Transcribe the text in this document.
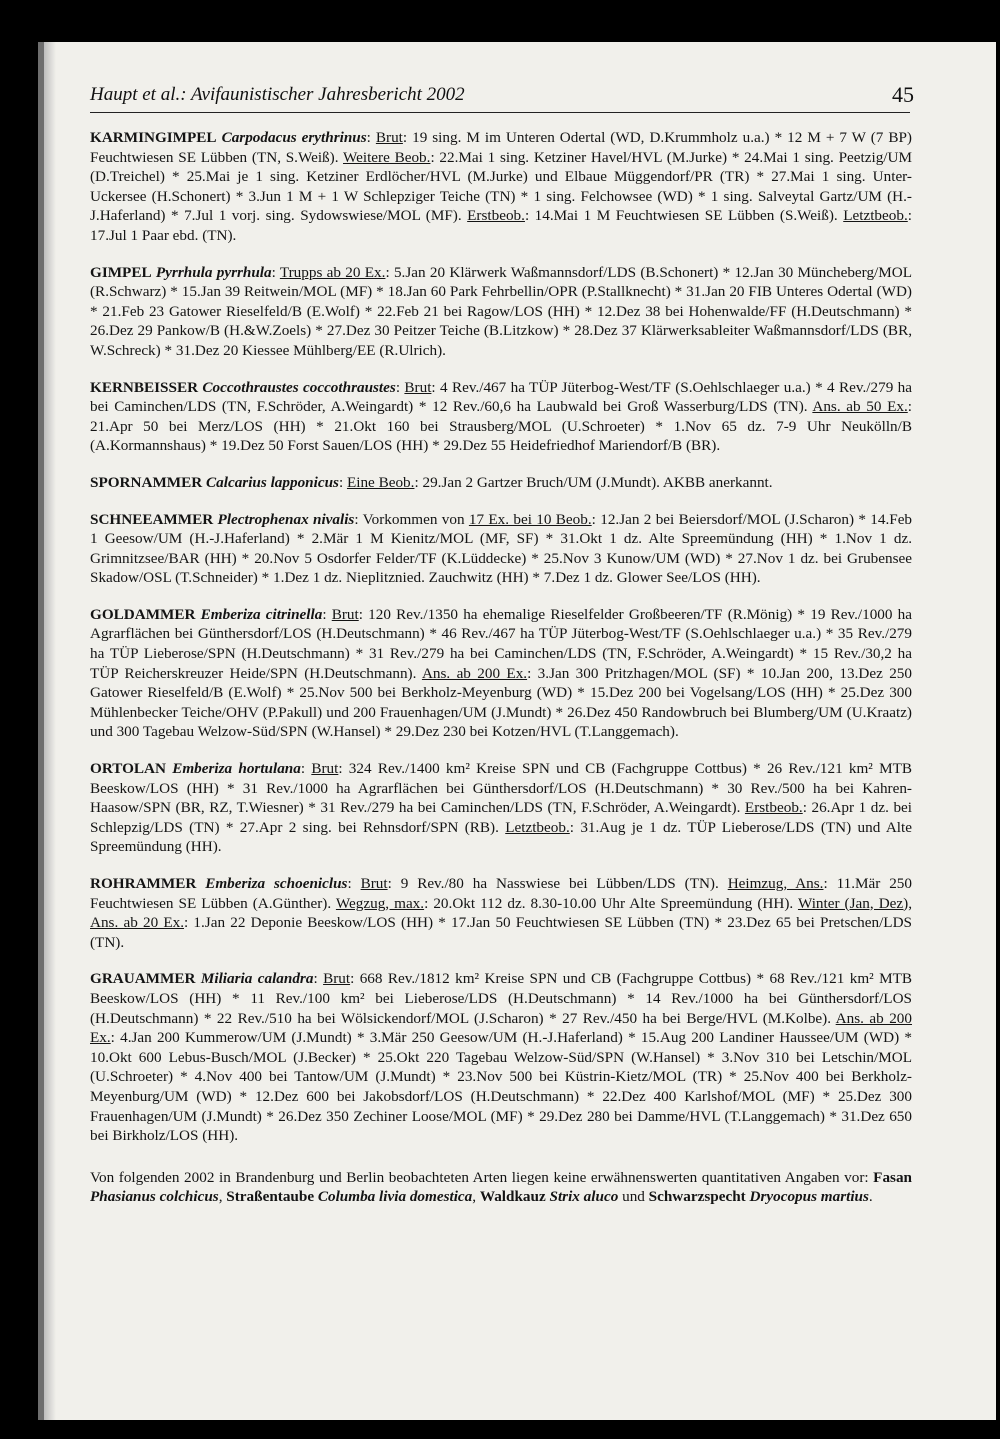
Haupt et al.: Avifaunistischer Jahresbericht 2002	45

KARMINGIMPEL Carpodacus erythrinus: Brut: 19 sing. M im Unteren Odertal (WD, D.Krummholz u.a.) * 12 M + 7 W (7 BP) Feuchtwiesen SE Lübben (TN, S.Weiß). Weitere Beob.: 22.Mai 1 sing. Ketziner Havel/HVL (M.Jurke) * 24.Mai 1 sing. Peetzig/UM (D.Treichel) * 25.Mai je 1 sing. Ketziner Erdlöcher/HVL (M.Jurke) und Elbaue Müggendorf/PR (TR) * 27.Mai 1 sing. Unter-Uckersee (H.Schonert) * 3.Jun 1 M + 1 W Schlepziger Teiche (TN) * 1 sing. Felchowsee (WD) * 1 sing. Salveytal Gartz/UM (H.-J.Haferland) * 7.Jul 1 vorj. sing. Sydowswiese/MOL (MF). Erstbeob.: 14.Mai 1 M Feuchtwiesen SE Lübben (S.Weiß). Letztbeob.: 17.Jul 1 Paar ebd. (TN).

GIMPEL Pyrrhula pyrrhula: Trupps ab 20 Ex.: 5.Jan 20 Klärwerk Waßmannsdorf/LDS (B.Schonert) * 12.Jan 30 Müncheberg/MOL (R.Schwarz) * 15.Jan 39 Reitwein/MOL (MF) * 18.Jan 60 Park Fehrbellin/OPR (P.Stallknecht) * 31.Jan 20 FIB Unteres Odertal (WD) * 21.Feb 23 Gatower Rieselfeld/B (E.Wolf) * 22.Feb 21 bei Ragow/LOS (HH) * 12.Dez 38 bei Hohenwalde/FF (H.Deutschmann) * 26.Dez 29 Pankow/B (H.&W.Zoels) * 27.Dez 30 Peitzer Teiche (B.Litzkow) * 28.Dez 37 Klärwerksableiter Waßmannsdorf/LDS (BR, W.Schreck) * 31.Dez 20 Kiessee Mühlberg/EE (R.Ulrich).

KERNBEISSER Coccothraustes coccothraustes: Brut: 4 Rev./467 ha TÜP Jüterbog-West/TF (S.Oehlschlaeger u.a.) * 4 Rev./279 ha bei Caminchen/LDS (TN, F.Schröder, A.Weingardt) * 12 Rev./60,6 ha Laubwald bei Groß Wasserburg/LDS (TN). Ans. ab 50 Ex.: 21.Apr 50 bei Merz/LOS (HH) * 21.Okt 160 bei Strausberg/MOL (U.Schroeter) * 1.Nov 65 dz. 7-9 Uhr Neukölln/B (A.Kormannshaus) * 19.Dez 50 Forst Sauen/LOS (HH) * 29.Dez 55 Heidefriedhof Mariendorf/B (BR).

SPORNAMMER Calcarius lapponicus: Eine Beob.: 29.Jan 2 Gartzer Bruch/UM (J.Mundt). AKBB anerkannt.

SCHNEEAMMER Plectrophenax nivalis: Vorkommen von 17 Ex. bei 10 Beob.: 12.Jan 2 bei Beiersdorf/MOL (J.Scharon) * 14.Feb 1 Geesow/UM (H.-J.Haferland) * 2.Mär 1 M Kienitz/MOL (MF, SF) * 31.Okt 1 dz. Alte Spreemündung (HH) * 1.Nov 1 dz. Grimnitzsee/BAR (HH) * 20.Nov 5 Osdorfer Felder/TF (K.Lüddecke) * 25.Nov 3 Kunow/UM (WD) * 27.Nov 1 dz. bei Grubensee Skadow/OSL (T.Schneider) * 1.Dez 1 dz. Nieplitznied. Zauchwitz (HH) * 7.Dez 1 dz. Glower See/LOS (HH).

GOLDAMMER Emberiza citrinella: Brut: 120 Rev./1350 ha ehemalige Rieselfelder Großbeeren/TF (R.Mönig) * 19 Rev./1000 ha Agrarflächen bei Günthersdorf/LOS (H.Deutschmann) * 46 Rev./467 ha TÜP Jüterbog-West/TF (S.Oehlschlaeger u.a.) * 35 Rev./279 ha TÜP Lieberose/SPN (H.Deutschmann) * 31 Rev./279 ha bei Caminchen/LDS (TN, F.Schröder, A.Weingardt) * 15 Rev./30,2 ha TÜP Reicherskreuzer Heide/SPN (H.Deutschmann). Ans. ab 200 Ex.: 3.Jan 300 Pritzhagen/MOL (SF) * 10.Jan 200, 13.Dez 250 Gatower Rieselfeld/B (E.Wolf) * 25.Nov 500 bei Berkholz-Meyenburg (WD) * 15.Dez 200 bei Vogelsang/LOS (HH) * 25.Dez 300 Mühlenbecker Teiche/OHV (P.Pakull) und 200 Frauenhagen/UM (J.Mundt) * 26.Dez 450 Randowbruch bei Blumberg/UM (U.Kraatz) und 300 Tagebau Welzow-Süd/SPN (W.Hansel) * 29.Dez 230 bei Kotzen/HVL (T.Langgemach).

ORTOLAN Emberiza hortulana: Brut: 324 Rev./1400 km² Kreise SPN und CB (Fachgruppe Cottbus) * 26 Rev./121 km² MTB Beeskow/LOS (HH) * 31 Rev./1000 ha Agrarflächen bei Günthersdorf/LOS (H.Deutschmann) * 30 Rev./500 ha bei Kahren-Haasow/SPN (BR, RZ, T.Wiesner) * 31 Rev./279 ha bei Caminchen/LDS (TN, F.Schröder, A.Weingardt). Erstbeob.: 26.Apr 1 dz. bei Schlepzig/LDS (TN) * 27.Apr 2 sing. bei Rehnsdorf/SPN (RB). Letztbeob.: 31.Aug je 1 dz. TÜP Lieberose/LDS (TN) und Alte Spreemündung (HH).

ROHRAMMER Emberiza schoeniclus: Brut: 9 Rev./80 ha Nasswiese bei Lübben/LDS (TN). Heimzug, Ans.: 11.Mär 250 Feuchtwiesen SE Lübben (A.Günther). Wegzug, max.: 20.Okt 112 dz. 8.30-10.00 Uhr Alte Spreemündung (HH). Winter (Jan, Dez), Ans. ab 20 Ex.: 1.Jan 22 Deponie Beeskow/LOS (HH) * 17.Jan 50 Feuchtwiesen SE Lübben (TN) * 23.Dez 65 bei Pretschen/LDS (TN).

GRAUAMMER Miliaria calandra: Brut: 668 Rev./1812 km² Kreise SPN und CB (Fachgruppe Cottbus) * 68 Rev./121 km² MTB Beeskow/LOS (HH) * 11 Rev./100 km² bei Lieberose/LDS (H.Deutschmann) * 14 Rev./1000 ha bei Günthersdorf/LOS (H.Deutschmann) * 22 Rev./510 ha bei Wölsickendorf/MOL (J.Scharon) * 27 Rev./450 ha bei Berge/HVL (M.Kolbe). Ans. ab 200 Ex.: 4.Jan 200 Kummerow/UM (J.Mundt) * 3.Mär 250 Geesow/UM (H.-J.Haferland) * 15.Aug 200 Landiner Haussee/UM (WD) * 10.Okt 600 Lebus-Busch/MOL (J.Becker) * 25.Okt 220 Tagebau Welzow-Süd/SPN (W.Hansel) * 3.Nov 310 bei Letschin/MOL (U.Schroeter) * 4.Nov 400 bei Tantow/UM (J.Mundt) * 23.Nov 500 bei Küstrin-Kietz/MOL (TR) * 25.Nov 400 bei Berkholz-Meyenburg/UM (WD) * 12.Dez 600 bei Jakobsdorf/LOS (H.Deutschmann) * 22.Dez 400 Karlshof/MOL (MF) * 25.Dez 300 Frauenhagen/UM (J.Mundt) * 26.Dez 350 Zechiner Loose/MOL (MF) * 29.Dez 280 bei Damme/HVL (T.Langgemach) * 31.Dez 650 bei Birkholz/LOS (HH).

Von folgenden 2002 in Brandenburg und Berlin beobachteten Arten liegen keine erwähnenswerten quantitativen Angaben vor: Fasan Phasianus colchicus, Straßentaube Columba livia domestica, Waldkauz Strix aluco und Schwarzspecht Dryocopus martius.
